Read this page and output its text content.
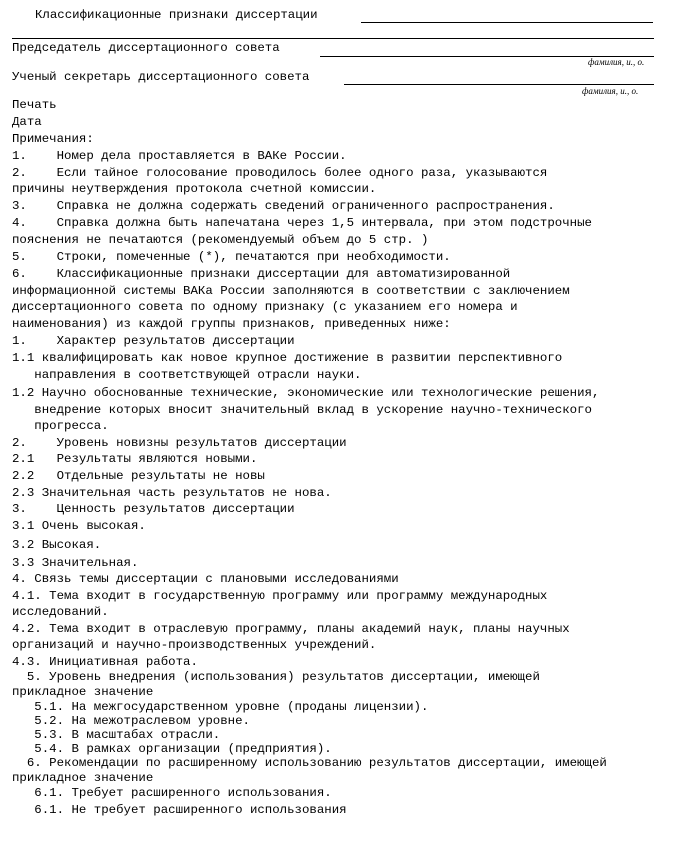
Классификационные признаки диссертации
Председатель диссертационного совета
фамилия, и., о.
Ученый секретарь диссертационного совета
фамилия, и., о.
Печать
Дата
Примечания:
1.    Номер дела проставляется в ВАКе России.
2.    Если тайное голосование проводилось более одного раза, указываются
причины неутверждения протокола счетной комиссии.
3.    Справка не должна содержать сведений ограниченного распространения.
4.    Справка должна быть напечатана через 1,5 интервала, при этом подстрочные
пояснения не печатаются (рекомендуемый объем до 5 стр. )
5.    Строки, помеченные (*), печатаются при необходимости.
6.    Классификационные признаки диссертации для автоматизированной
информационной системы ВАКа России заполняются в соответствии с заключением
диссертационного совета по одному признаку (с указанием его номера и
наименования) из каждой группы признаков, приведенных ниже:
1.    Характер результатов диссертации
1.1 квалифицировать как новое крупное достижение в развитии перспективного
направления в соответствующей отрасли науки.
1.2 Научно обоснованные технические, экономические или технологические решения,
внедрение которых вносит значительный вклад в ускорение научно-технического
прогресса.
2.    Уровень новизны результатов диссертации
2.1   Результаты являются новыми.
2.2   Отдельные результаты не новы
2.3 Значительная часть результатов не нова.
3.    Ценность результатов диссертации
3.1 Очень высокая.
3.2 Высокая.
3.3 Значительная.
4. Связь темы диссертации с плановыми исследованиями
4.1. Тема входит в государственную программу или программу международных
исследований.
4.2. Тема входит в отраслевую программу, планы академий наук, планы научных
организаций и научно-производственных учреждений.
4.3. Инициативная работа.
5. Уровень внедрения (использования) результатов диссертации, имеющей
прикладное значение
5.1. На межгосударственном уровне (проданы лицензии).
5.2. На межотраслевом уровне.
5.3. В масштабах отрасли.
5.4. В рамках организации (предприятия).
6. Рекомендации по расширенному использованию результатов диссертации, имеющей
прикладное значение
6.1. Требует расширенного использования.
6.1. Не требует расширенного использования
